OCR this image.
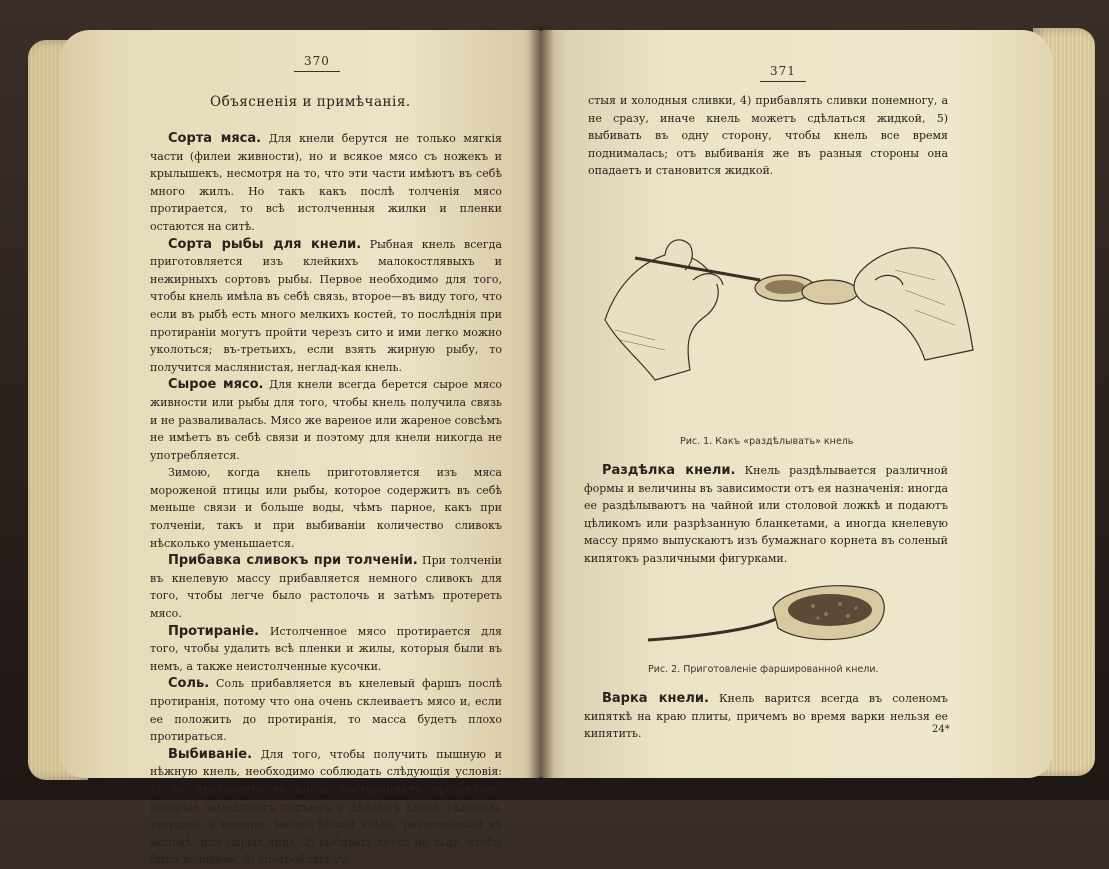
370
Объясненія и примѣчанія.

Сорта мяса. Для кнели берутся не только мягкія части (филеи живности), но и всякое мясо съ ножекъ и крылышекъ, несмотря на то, что эти части имѣютъ въ себѣ много жилъ. Но такъ какъ послѣ толченія мясо протирается, то всѣ истолченныя жилки и пленки остаются на ситѣ.

Сорта рыбы для кнели. Рыбная кнель всегда приготовляется изъ клейкихъ малокостлявыхъ и нежирныхъ сортовъ рыбы. Первое необходимо для того, чтобы кнель имѣла въ себѣ связь, второе—въ виду того, что если въ рыбѣ есть много мелкихъ костей, то послѣднія при протираніи могутъ пройти черезъ сито и ими легко можно уколоться; въ-третьихъ, если взять жирную рыбу, то получится маслянистая, неглад-кая кнель.

Сырое мясо. Для кнели всегда берется сырое мясо живности или рыбы для того, чтобы кнель получила связь и не разваливалась. Мясо же вареное или жареное совсѣмъ не имѣетъ въ себѣ связи и поэтому для кнели никогда не употребляется.

Зимою, когда кнель приготовляется изъ мяса мороженой птицы или рыбы, которое содержитъ въ себѣ меньше связи и больше воды, чѣмъ парное, какъ при толченіи, такъ и при выбиваніи количество сливокъ нѣсколько уменьшается.

Прибавка сливокъ при толченіи. При толченіи въ кнелевую массу прибавляется немного сливокъ для того, чтобы легче было растолочь и затѣмъ протереть мясо.

Протираніе. Истолченное мясо протирается для того, чтобы удалить всѣ пленки и жилы, которыя были въ немъ, а также неистолченные кусочки.

Соль. Соль прибавляется въ кнелевый фаршъ послѣ протиранія, потому что она очень склеиваетъ мясо и, если ее положить до протиранія, то масса будетъ плохо протираться.

Выбиваніе. Для того, чтобы получить пышную и нѣжную кнель, необходимо соблюдать слѣдующія условія: 1) не прибавлять въ кнель постороннихъ продуктовъ, которые замедляютъ подъемъ и дѣлаютъ кнель тяжелою, твердою, а именно: масло, бѣлый хлѣбъ, размоченный въ молокѣ, или сырыя яйца, 2) выбивать кнель на льду, чтобы была холодная, 3) употреблять гу-

371

стыя и холодныя сливки, 4) прибавлять сливки понемногу, а не сразу, иначе кнель можетъ сдѣлаться жидкой, 5) выбивать въ одну сторону, чтобы кнель все время поднималась; отъ выбиванія же въ разныя стороны она опадаетъ и становится жидкой.

Рис. 1. Какъ «раздѣлывать» кнель

Раздѣлка кнели. Кнель раздѣлывается различной формы и величины въ зависимости отъ ея назначенія: иногда ее раздѣлываютъ на чайной или столовой ложкѣ и подаютъ цѣликомъ или разрѣзанную бланкетами, а иногда кнелевую массу прямо выпускаютъ изъ бумажнаго корнета въ соленый кипятокъ различными фигурками.

Рис. 2. Приготовленіе фаршированной кнели.

Варка кнели. Кнель варится всегда въ соленомъ кипяткѣ на краю плиты, причемъ во время варки нельзя ее кипятить.	24*
